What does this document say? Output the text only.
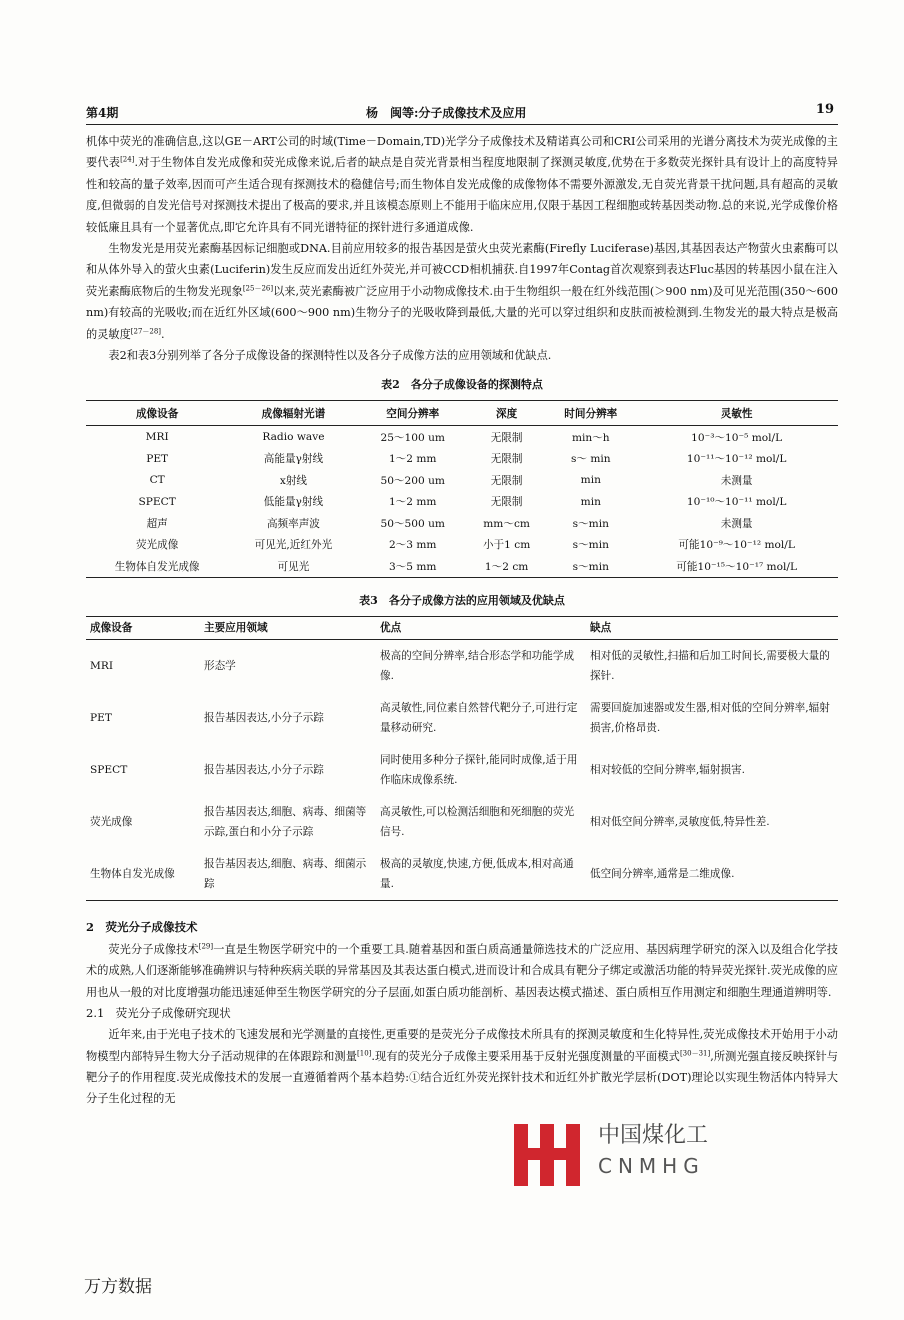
第4期	杨　闽等:分子成像技术及应用	19

机体中荧光的准确信息,这以GE－ART公司的时域(Time－Domain,TD)光学分子成像技术及精诺真公司和CRI公司采用的光谱分离技术为荧光成像的主要代表[24].对于生物体自发光成像和荧光成像来说,后者的缺点是自荧光背景相当程度地限制了探测灵敏度,优势在于多数荧光探针具有设计上的高度特异性和较高的量子效率,因而可产生适合现有探测技术的稳健信号;而生物体自发光成像的成像物体不需要外源激发,无自荧光背景干扰问题,具有超高的灵敏度,但微弱的自发光信号对探测技术提出了极高的要求,并且该模态原则上不能用于临床应用,仅限于基因工程细胞或转基因类动物.总的来说,光学成像价格较低廉且具有一个显著优点,即它允许具有不同光谱特征的探针进行多通道成像.

生物发光是用荧光素酶基因标记细胞或DNA.目前应用较多的报告基因是萤火虫荧光素酶(Firefly Luciferase)基因,其基因表达产物萤火虫素酶可以和从体外导入的萤火虫素(Luciferin)发生反应而发出近红外荧光,并可被CCD相机捕获.自1997年Contag首次观察到表达Fluc基因的转基因小鼠在注入荧光素酶底物后的生物发光现象[25－26]以来,荧光素酶被广泛应用于小动物成像技术.由于生物组织一般在红外线范围(＞900 nm)及可见光范围(350～600 nm)有较高的光吸收;而在近红外区域(600～900 nm)生物分子的光吸收降到最低,大量的光可以穿过组织和皮肤而被检测到.生物发光的最大特点是极高的灵敏度[27－28].

表2和表3分别列举了各分子成像设备的探测特性以及各分子成像方法的应用领域和优缺点.

表2　各分子成像设备的探测特点
成像设备	成像辐射光谱	空间分辨率	深度	时间分辨率	灵敏性
MRI	Radio wave	25～100 um	无限制	min～h	10⁻³～10⁻⁵ mol/L
PET	高能量γ射线	1～2 mm	无限制	s～ min	10⁻¹¹～10⁻¹² mol/L
CT	x射线	50～200 um	无限制	min	未测量
SPECT	低能量γ射线	1～2 mm	无限制	min	10⁻¹⁰～10⁻¹¹ mol/L
超声	高频率声波	50～500 um	mm～cm	s～min	未测量
荧光成像	可见光,近红外光	2～3 mm	小于1 cm	s～min	可能10⁻⁹～10⁻¹² mol/L
生物体自发光成像	可见光	3～5 mm	1～2 cm	s～min	可能10⁻¹⁵～10⁻¹⁷ mol/L
表3　各分子成像方法的应用领域及优缺点
成像设备	主要应用领域	优点	缺点
MRI	形态学	极高的空间分辨率,结合形态学和功能学成像.	相对低的灵敏性,扫描和后加工时间长,需要极大量的探针.
PET	报告基因表达,小分子示踪	高灵敏性,同位素自然替代靶分子,可进行定量移动研究.	需要回旋加速器或发生器,相对低的空间分辨率,辐射损害,价格昂贵.
SPECT	报告基因表达,小分子示踪	同时使用多种分子探针,能同时成像,适于用作临床成像系统.	相对较低的空间分辨率,辐射损害.
荧光成像	报告基因表达,细胞、病毒、细菌等示踪,蛋白和小分子示踪	高灵敏性,可以检测活细胞和死细胞的荧光信号.	相对低空间分辨率,灵敏度低,特异性差.
生物体自发光成像	报告基因表达,细胞、病毒、细菌示踪	极高的灵敏度,快速,方便,低成本,相对高通量.	低空间分辨率,通常是二维成像.
2　荧光分子成像技术

荧光分子成像技术[29]一直是生物医学研究中的一个重要工具.随着基因和蛋白质高通量筛选技术的广泛应用、基因病理学研究的深入以及组合化学技术的成熟,人们逐渐能够准确辨识与特种疾病关联的异常基因及其表达蛋白模式,进而设计和合成具有靶分子绑定或激活功能的特异荧光探针.荧光成像的应用也从一般的对比度增强功能迅速延伸至生物医学研究的分子层面,如蛋白质功能剖析、基因表达模式描述、蛋白质相互作用测定和细胞生理通道辨明等.

2.1　荧光分子成像研究现状

近年来,由于光电子技术的飞速发展和光学测量的直接性,更重要的是荧光分子成像技术所具有的探测灵敏度和生化特异性,荧光成像技术开始用于小动物模型内部特异生物大分子活动规律的在体跟踪和测量[10].现有的荧光分子成像主要采用基于反射光强度测量的平面模式[30－31],所测光强直接反映探针与靶分子的作用程度.荧光成像技术的发展一直遵循着两个基本趋势:①结合近红外荧光探针技术和近红外扩散光学层析(DOT)理论以实现生物活体内特异大分子生化过程的无

中国煤化工
CNMHG
万方数据
